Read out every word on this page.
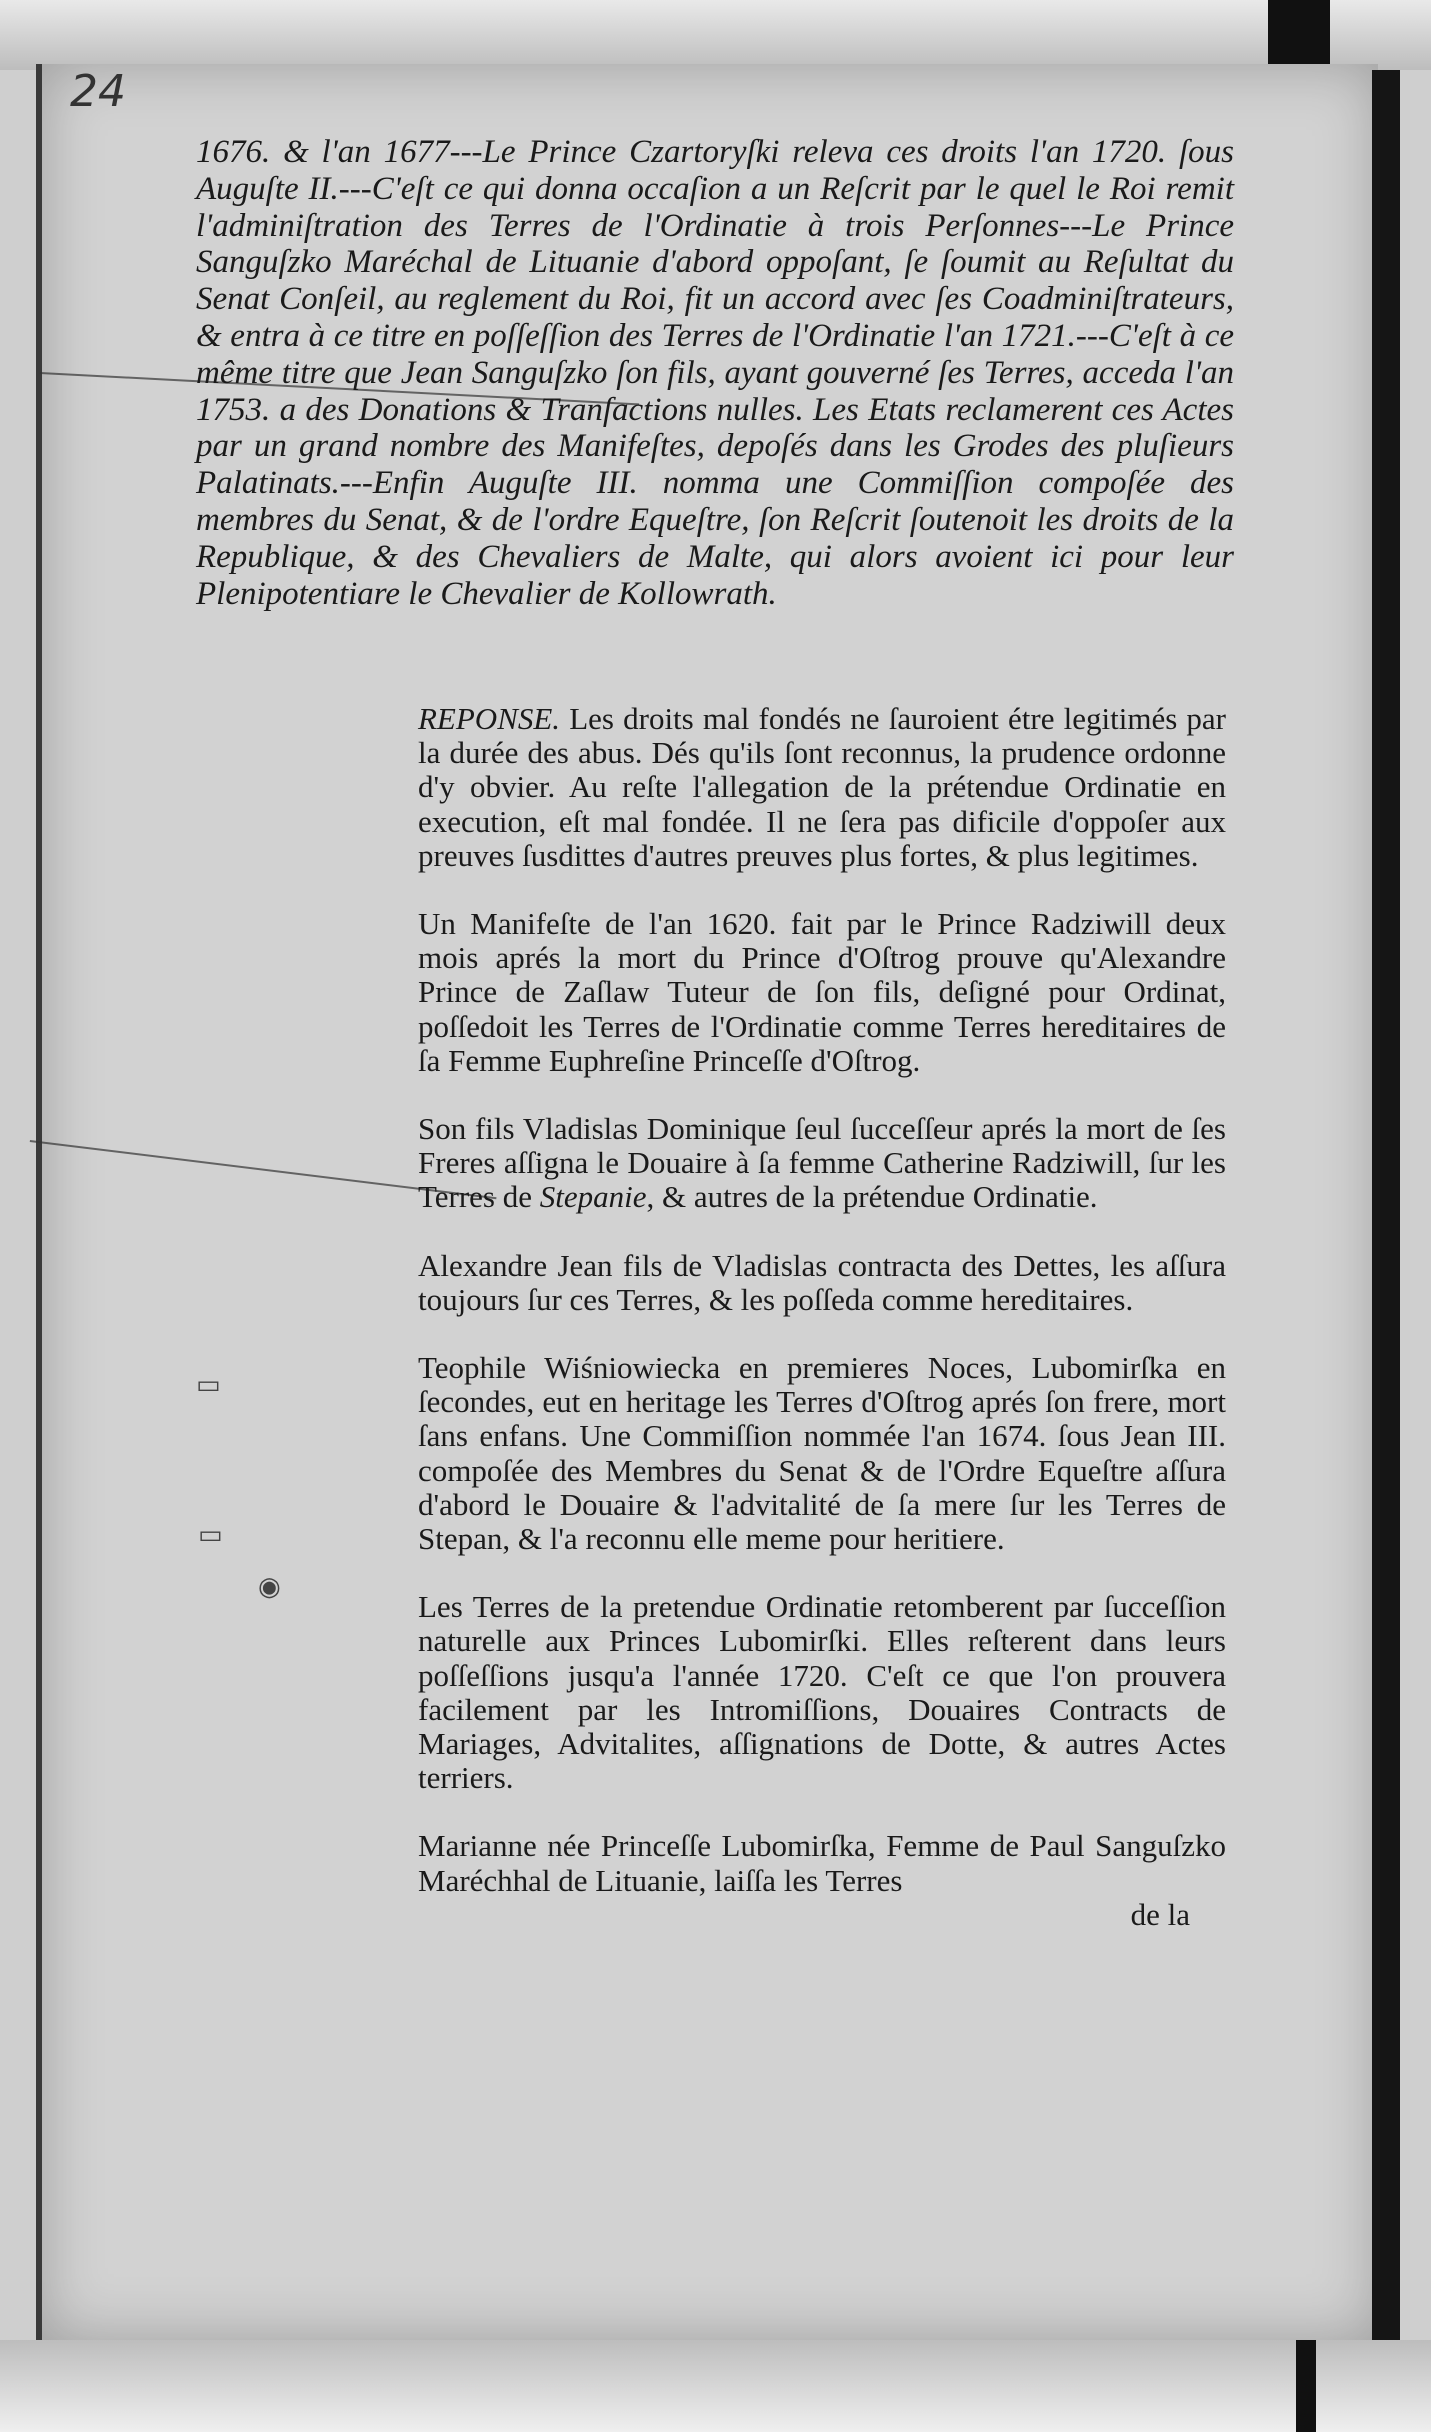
▭
▭
◉
24
1676. & l'an 1677---Le Prince Czartoryſki releva ces droits l'an 1720. ſous Auguſte II.---C'eſt ce qui donna occaſion a un Reſcrit par le quel le Roi remit l'adminiſtration des Terres de l'Ordinatie à trois Perſonnes---Le Prince Sanguſzko Maréchal de Lituanie d'abord oppoſant, ſe ſoumit au Reſultat du Senat Conſeil, au reglement du Roi, fit un accord avec ſes Coadminiſtrateurs, & entra à ce titre en poſſeſſion des Terres de l'Ordinatie l'an 1721.---C'eſt à ce même titre que Jean Sanguſzko ſon fils, ayant gouverné ſes Terres, acceda l'an 1753. a des Donations & Tranſactions nulles. Les Etats reclamerent ces Actes par un grand nombre des Manifeſtes, depoſés dans les Grodes des pluſieurs Palatinats.---Enfin Auguſte III. nomma une Commiſſion compoſée des membres du Senat, & de l'ordre Equeſtre, ſon Reſcrit ſoutenoit les droits de la Republique, & des Chevaliers de Malte, qui alors avoient ici pour leur Plenipotentiare le Chevalier de Kollowrath.

REPONSE. Les droits mal fondés ne ſauroient étre legitimés par la durée des abus. Dés qu'ils ſont reconnus, la prudence ordonne d'y obvier. Au reſte l'allegation de la prétendue Ordinatie en execution, eſt mal fondée. Il ne ſera pas dificile d'oppoſer aux preuves ſusdittes d'autres preuves plus fortes, & plus legitimes.

Un Manifeſte de l'an 1620. fait par le Prince Radziwill deux mois aprés la mort du Prince d'Oſtrog prouve qu'Alexandre Prince de Zaſlaw Tuteur de ſon fils, deſigné pour Ordinat, poſſedoit les Terres de l'Ordinatie comme Terres hereditaires de ſa Femme Euphreſine Princeſſe d'Oſtrog.

Son fils Vladislas Dominique ſeul ſucceſſeur aprés la mort de ſes Freres aſſigna le Douaire à ſa femme Catherine Radziwill, ſur les Terres de Stepanie, & autres de la prétendue Ordinatie.

Alexandre Jean fils de Vladislas contracta des Dettes, les aſſura toujours ſur ces Terres, & les poſſeda comme hereditaires.

Teophile Wiśniowiecka en premieres Noces, Lubomirſka en ſecondes, eut en heritage les Terres d'Oſtrog aprés ſon frere, mort ſans enfans. Une Commiſſion nommée l'an 1674. ſous Jean III. compoſée des Membres du Senat & de l'Ordre Equeſtre aſſura d'abord le Douaire & l'advitalité de ſa mere ſur les Terres de Stepan, & l'a reconnu elle meme pour heritiere.

Les Terres de la pretendue Ordinatie retomberent par ſucceſſion naturelle aux Princes Lubomirſki. Elles reſterent dans leurs poſſeſſions jusqu'a l'année 1720. C'eſt ce que l'on prouvera facilement par les Intromiſſions, Douaires Contracts de Mariages, Advitalites, aſſignations de Dotte, & autres Actes terriers.

Marianne née Princeſſe Lubomirſka, Femme de Paul Sanguſzko Maréchhal de Lituanie, laiſſa les Terres

de la
